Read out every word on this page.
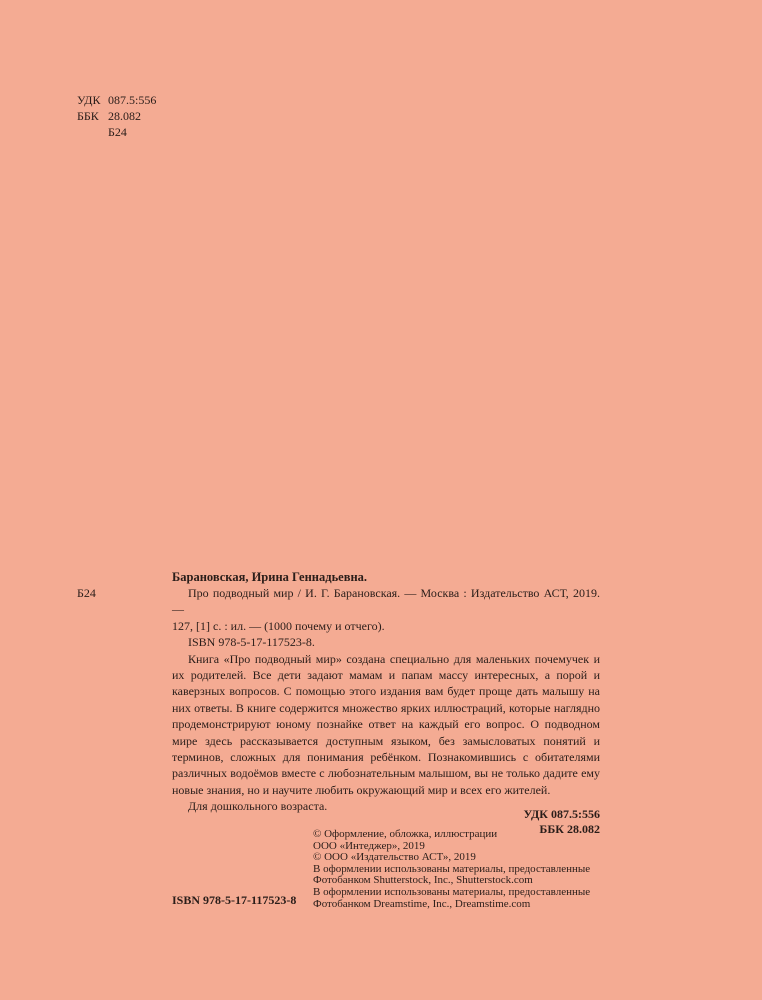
УДК 087.5:556
ББК 28.082
Б24
Барановская, Ирина Геннадьевна.
Б24	Про подводный мир / И. Г. Барановская. — Москва : Издательство АСТ, 2019. —

127, [1] с. : ил. — (1000 почему и отчего).

ISBN 978-5-17-117523-8.

Книга «Про подводный мир» создана специально для маленьких почемучек и их родителей. Все дети задают мамам и папам массу интересных, а порой и каверзных вопросов. С помощью этого издания вам будет проще дать малышу на них ответы. В книге содержится множество ярких иллюстраций, которые наглядно продемонстрируют юному познайке ответ на каждый его вопрос. О подводном мире здесь рассказывается доступным языком, без замысловатых понятий и терминов, сложных для понимания ребёнком. Познакомившись с обитателями различных водоёмов вместе с любознательным малышом, вы не только дадите ему новые знания, но и научите любить окружающий мир и всех его жителей.

Для дошкольного возраста.

УДК 087.5:556
ББК 28.082
© Оформление, обложка, иллюстрации
ООО «Интеджер», 2019
© ООО «Издательство АСТ», 2019
В оформлении использованы материалы, предоставленные
Фотобанком Shutterstock, Inc., Shutterstock.com
В оформлении использованы материалы, предоставленные
Фотобанком Dreamstime, Inc., Dreamstime.com
ISBN 978-5-17-117523-8
